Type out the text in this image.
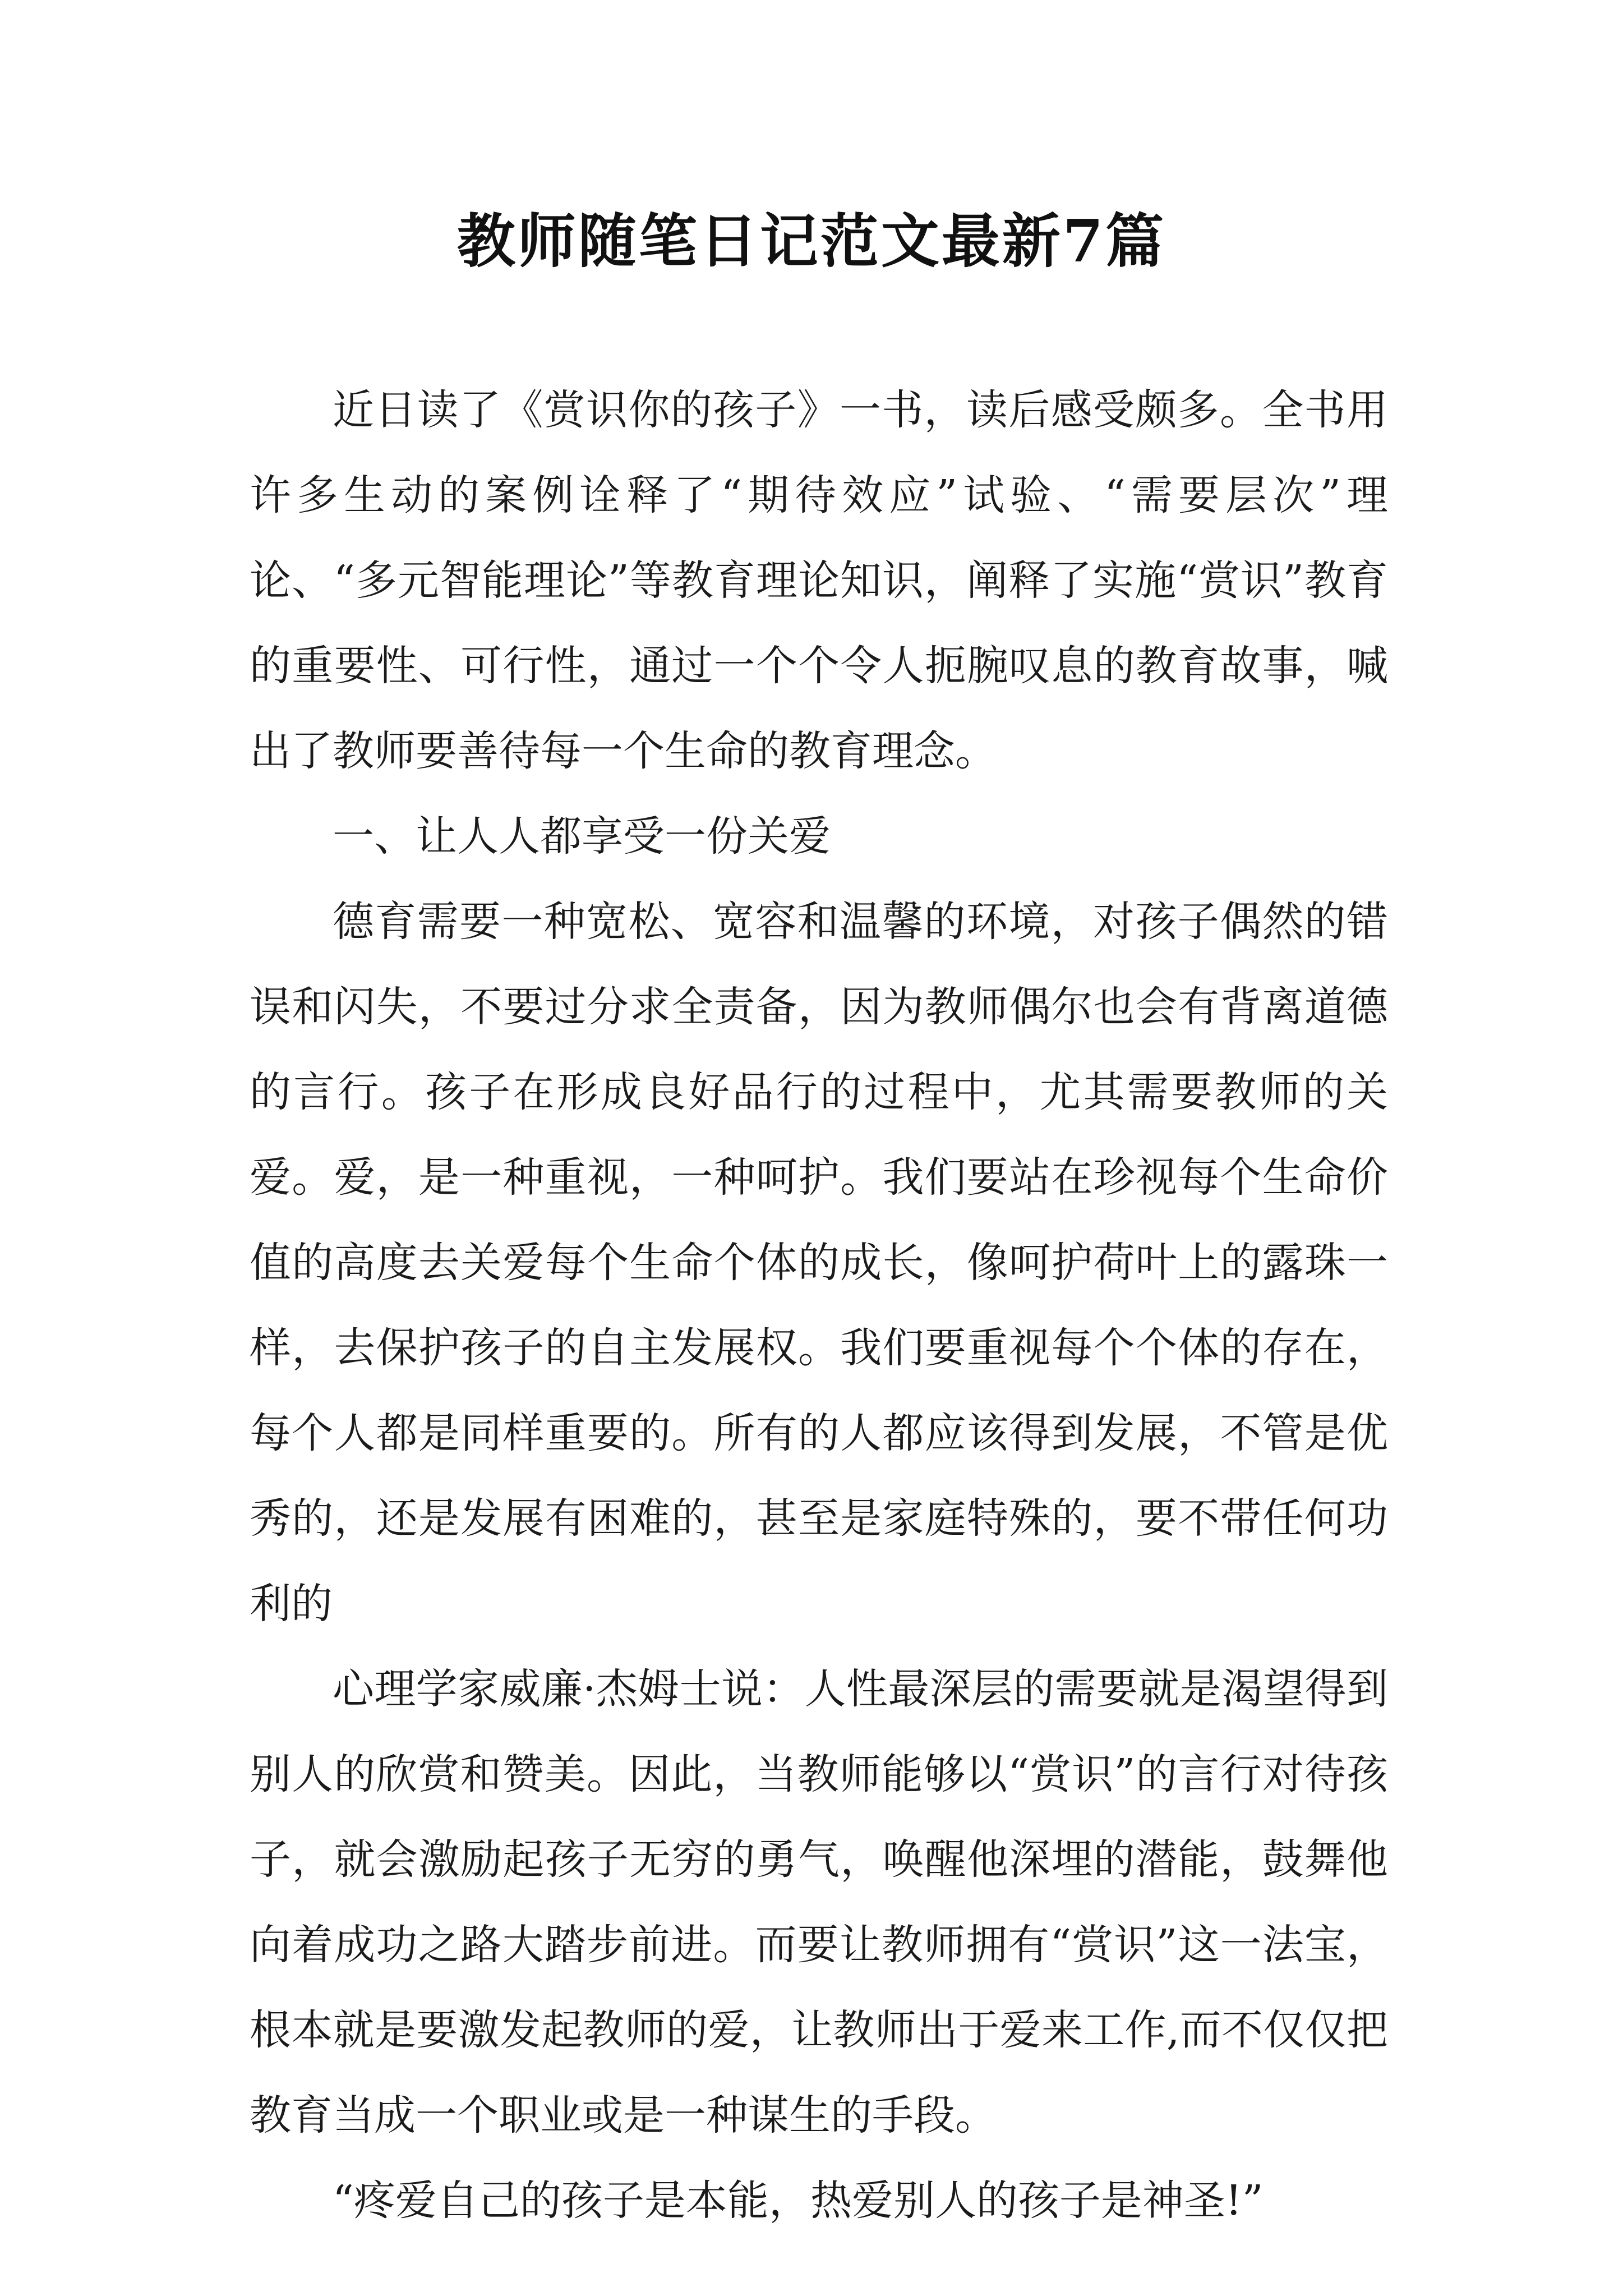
教师随笔日记范文最新7篇

近日读了《赏识你的孩子》一书，读后感受颇多。全书用许多生动的案例诠释了“期待效应”试验、“需要层次”理论、“多元智能理论”等教育理论知识，阐释了实施“赏识”教育的重要性、可行性，通过一个个令人扼腕叹息的教育故事，喊出了教师要善待每一个生命的教育理念。

一、让人人都享受一份关爱

德育需要一种宽松、宽容和温馨的环境，对孩子偶然的错误和闪失，不要过分求全责备，因为教师偶尔也会有背离道德的言行。孩子在形成良好品行的过程中，尤其需要教师的关爱。爱，是一种重视，一种呵护。我们要站在珍视每个生命价值的高度去关爱每个生命个体的成长，像呵护荷叶上的露珠一样，去保护孩子的自主发展权。我们要重视每个个体的存在，每个人都是同样重要的。所有的人都应该得到发展，不管是优秀的，还是发展有困难的，甚至是家庭特殊的，要不带任何功利的

心理学家威廉·杰姆士说：人性最深层的需要就是渴望得到别人的欣赏和赞美。因此，当教师能够以“赏识”的言行对待孩子，就会激励起孩子无穷的勇气，唤醒他深埋的潜能，鼓舞他向着成功之路大踏步前进。而要让教师拥有“赏识”这一法宝，根本就是要激发起教师的爱，让教师出于爱来工作,而不仅仅把教育当成一个职业或是一种谋生的手段。

“疼爱自己的孩子是本能，热爱别人的孩子是神圣!”
